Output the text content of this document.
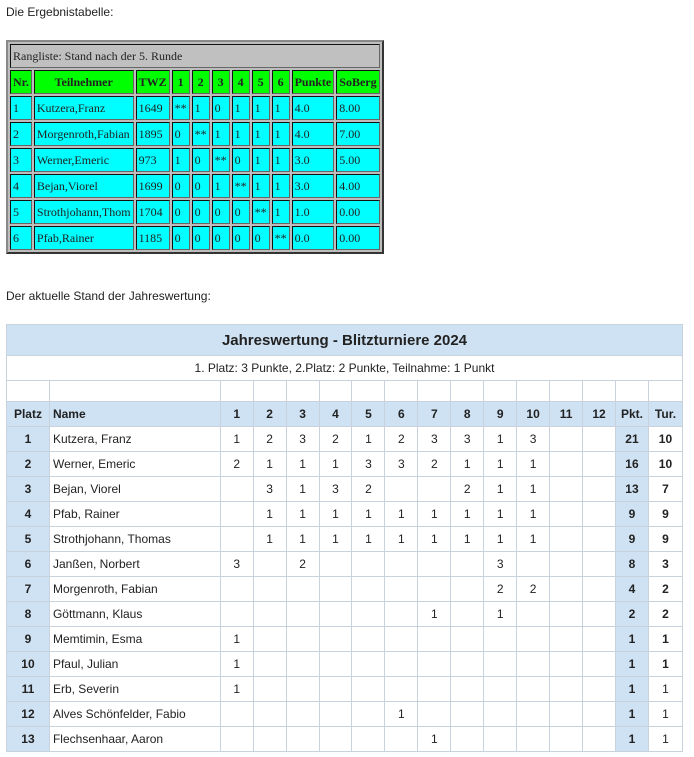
Die Ergebnistabelle:
Rangliste: Stand nach der 5. Runde										
Nr.	Teilnehmer	TWZ	1	2	3	4	5	6	Punkte	SoBerg
1	Kutzera,Franz	1649	**	1	0	1	1	1	4.0	8.00
2	Morgenroth,Fabian	1895	0	**	1	1	1	1	4.0	7.00
3	Werner,Emeric	973	1	0	**	0	1	1	3.0	5.00
4	Bejan,Viorel	1699	0	0	1	**	1	1	3.0	4.00
5	Strothjohann,Thom	1704	0	0	0	0	**	1	1.0	0.00
6	Pfab,Rainer	1185	0	0	0	0	0	**	0.0	0.00
Der aktuelle Stand der Jahreswertung:
Jahreswertung - Blitzturniere 2024															
1. Platz: 3 Punkte, 2.Platz: 2 Punkte, Teilnahme: 1 Punkt															

Platz	Name	1	2	3	4	5	6	7	8	9	10	11	12	Pkt.	Tur.
1	Kutzera, Franz	1	2	3	2	1	2	3	3	1	3			21	10
2	Werner, Emeric	2	1	1	1	3	3	2	1	1	1			16	10
3	Bejan, Viorel		3	1	3	2			2	1	1			13	7
4	Pfab, Rainer		1	1	1	1	1	1	1	1	1			9	9
5	Strothjohann, Thomas		1	1	1	1	1	1	1	1	1			9	9
6	Janßen, Norbert	3		2						3				8	3
7	Morgenroth, Fabian									2	2			4	2
8	Göttmann, Klaus							1		1				2	2
9	Memtimin, Esma	1												1	1
10	Pfaul, Julian	1												1	1
11	Erb, Severin	1												1	1
12	Alves Schönfelder, Fabio						1							1	1
13	Flechsenhaar, Aaron							1						1	1
